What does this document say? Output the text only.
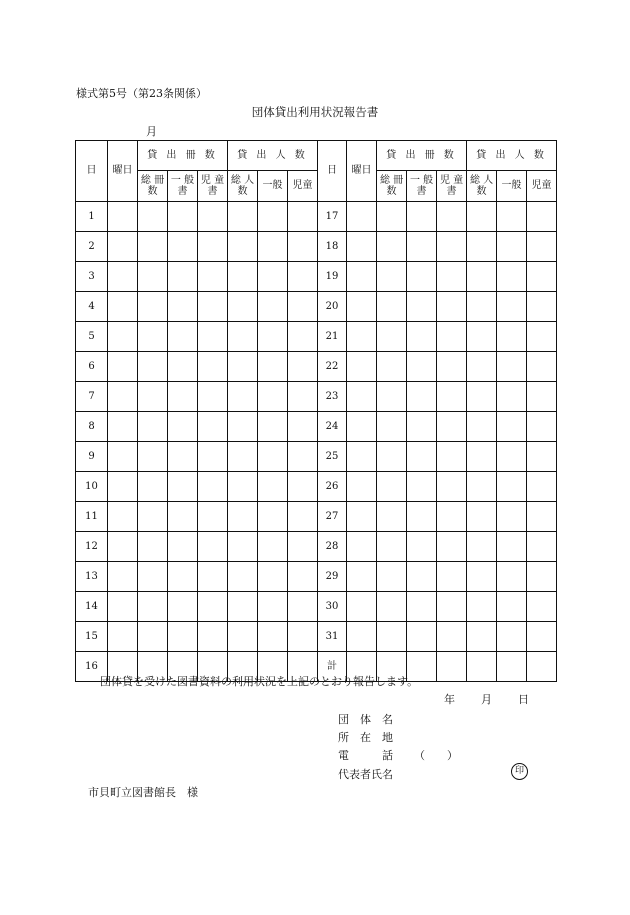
様式第5号（第23条関係）
団体貸出利用状況報告書
月
日	曜日	貸 出 冊 数			貸 出 人 数			日	曜日	貸 出 冊 数			貸 出 人 数		
		総 冊 数	一 般 書	児 童 書	総 人 数	一般	児童			総 冊 数	一 般 書	児 童 書	総 人 数	一般	児童
1								17							
2								18							
3								19							
4								20							
5								21							
6								22							
7								23							
8								24							
9								25							
10								26							
11								27							
12								28							
13								29							
14								30							
15								31							
16								計							
団体貸を受けた図書資料の利用状況を上記のとおり報告します。
年 月 日
団　体　名
所　在　地
電　　　話 （　　）
代表者氏名	印
市貝町立図書館長　様
